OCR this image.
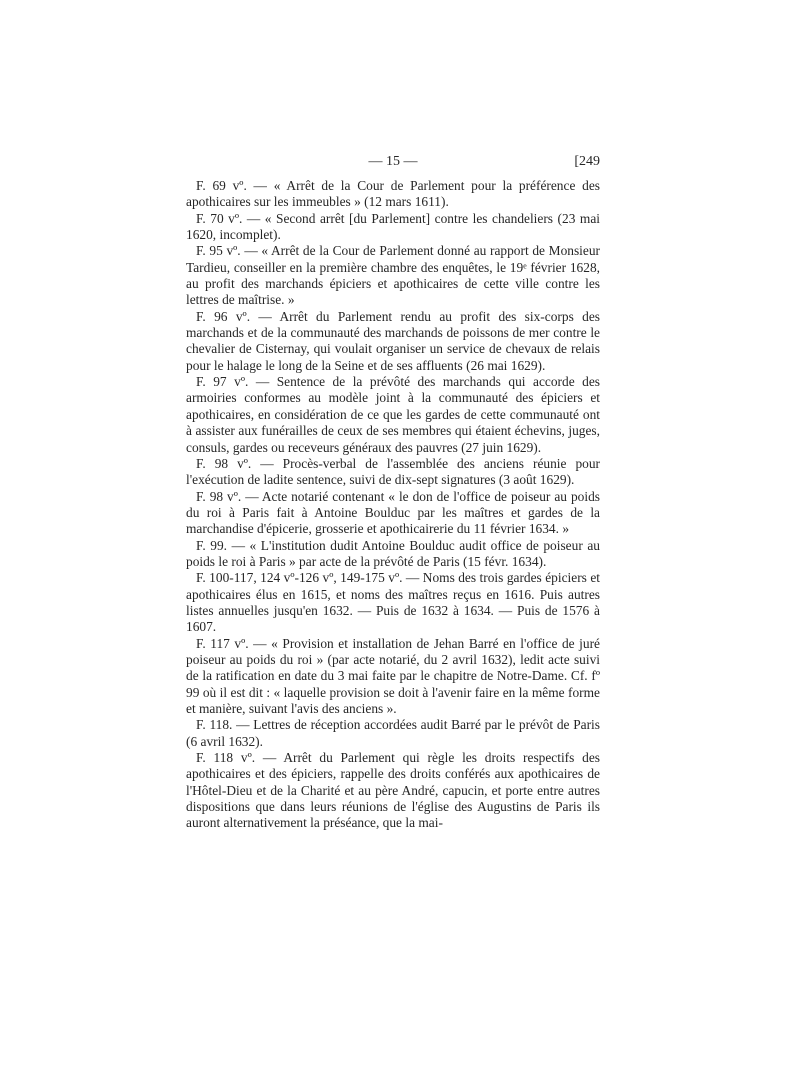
— 15 —	[249

F. 69 vº. — « Arrêt de la Cour de Parlement pour la préférence des apothicaires sur les immeubles » (12 mars 1611).

F. 70 vº. — « Second arrêt [du Parlement] contre les chandeliers (23 mai 1620, incomplet).

F. 95 vº. — « Arrêt de la Cour de Parlement donné au rapport de Monsieur Tardieu, conseiller en la première chambre des enquêtes, le 19ᵉ février 1628, au profit des marchands épiciers et apothicaires de cette ville contre les lettres de maîtrise. »

F. 96 vº. — Arrêt du Parlement rendu au profit des six-corps des marchands et de la communauté des marchands de poissons de mer contre le chevalier de Cisternay, qui voulait organiser un service de chevaux de relais pour le halage le long de la Seine et de ses affluents (26 mai 1629).

F. 97 vº. — Sentence de la prévôté des marchands qui accorde des armoiries conformes au modèle joint à la communauté des épiciers et apothicaires, en considération de ce que les gardes de cette communauté ont à assister aux funérailles de ceux de ses membres qui étaient échevins, juges, consuls, gardes ou receveurs généraux des pauvres (27 juin 1629).

F. 98 vº. — Procès-verbal de l'assemblée des anciens réunie pour l'exécution de ladite sentence, suivi de dix-sept signatures (3 août 1629).

F. 98 vº. — Acte notarié contenant « le don de l'office de poiseur au poids du roi à Paris fait à Antoine Boulduc par les maîtres et gardes de la marchandise d'épicerie, grosserie et apothicairerie du 11 février 1634. »

F. 99. — « L'institution dudit Antoine Boulduc audit office de poiseur au poids le roi à Paris » par acte de la prévôté de Paris (15 févr. 1634).

F. 100-117, 124 vº-126 vº, 149-175 vº. — Noms des trois gardes épiciers et apothicaires élus en 1615, et noms des maîtres reçus en 1616. Puis autres listes annuelles jusqu'en 1632. — Puis de 1632 à 1634. — Puis de 1576 à 1607.

F. 117 vº. — « Provision et installation de Jehan Barré en l'office de juré poiseur au poids du roi » (par acte notarié, du 2 avril 1632), ledit acte suivi de la ratification en date du 3 mai faite par le chapitre de Notre-Dame. Cf. fº 99 où il est dit : « laquelle provision se doit à l'avenir faire en la même forme et manière, suivant l'avis des anciens ».

F. 118. — Lettres de réception accordées audit Barré par le prévôt de Paris (6 avril 1632).

F. 118 vº. — Arrêt du Parlement qui règle les droits respectifs des apothicaires et des épiciers, rappelle des droits conférés aux apothicaires de l'Hôtel-Dieu et de la Charité et au père André, capucin, et porte entre autres dispositions que dans leurs réunions de l'église des Augustins de Paris ils auront alternativement la préséance, que la mai-
